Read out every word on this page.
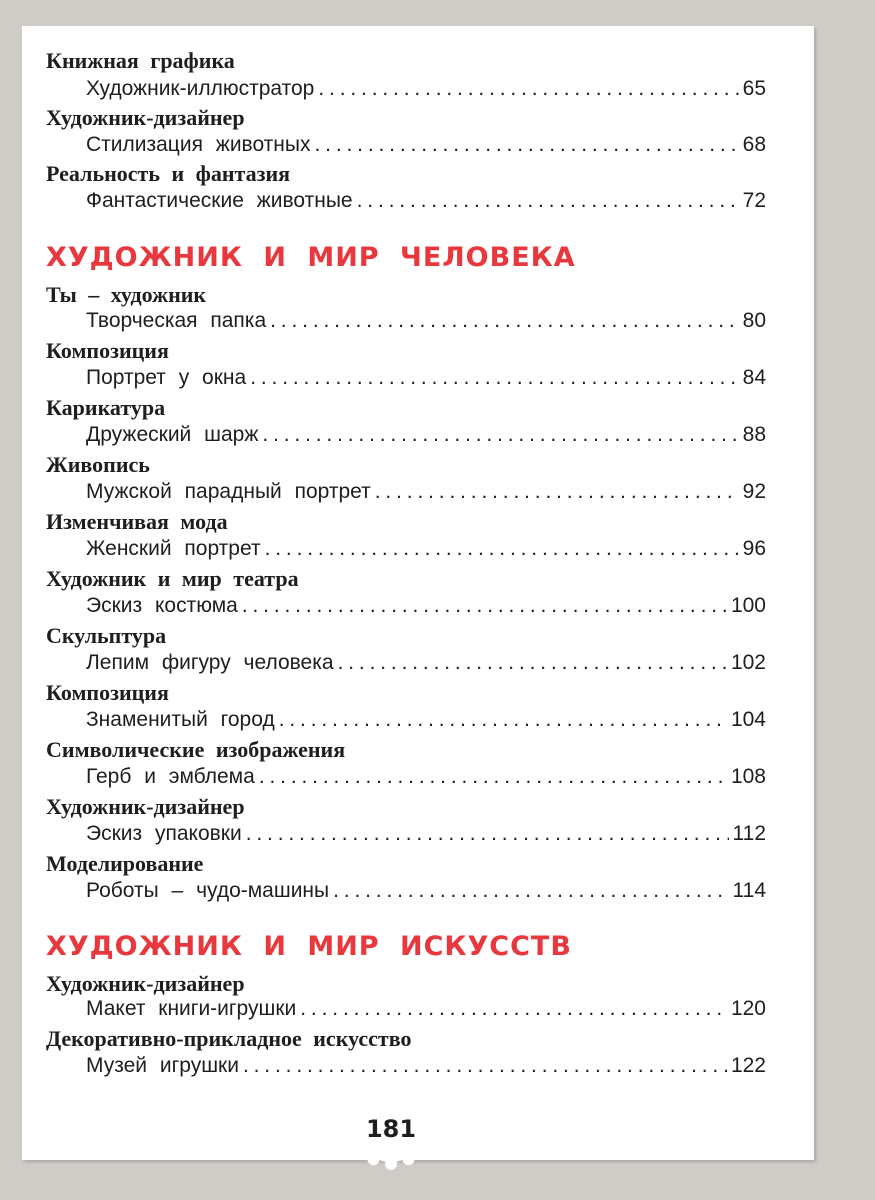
Книжная графика
Художник-иллюстратор . . .	65
Художник-дизайнер
Стилизация животных . . .	68
Реальность и фантазия
Фантастические животные . . .	72
ХУДОЖНИК И МИР ЧЕЛОВЕКА
Ты – художник
Творческая папка . . .	80
Композиция
Портрет у окна . . .	84
Карикатура
Дружеский шарж . . .	88
Живопись
Мужской парадный портрет . . .	92
Изменчивая мода
Женский портрет . . .	96
Художник и мир театра
Эскиз костюма . . .	100
Скульптура
Лепим фигуру человека . . .	102
Композиция
Знаменитый город . . .	104
Символические изображения
Герб и эмблема . . .	108
Художник-дизайнер
Эскиз упаковки . . .	112
Моделирование
Роботы – чудо-машины . . .	114
ХУДОЖНИК И МИР ИСКУССТВ
Художник-дизайнер
Макет книги-игрушки . . .	120
Декоративно-прикладное искусство
Музей игрушки . . .	122
181
